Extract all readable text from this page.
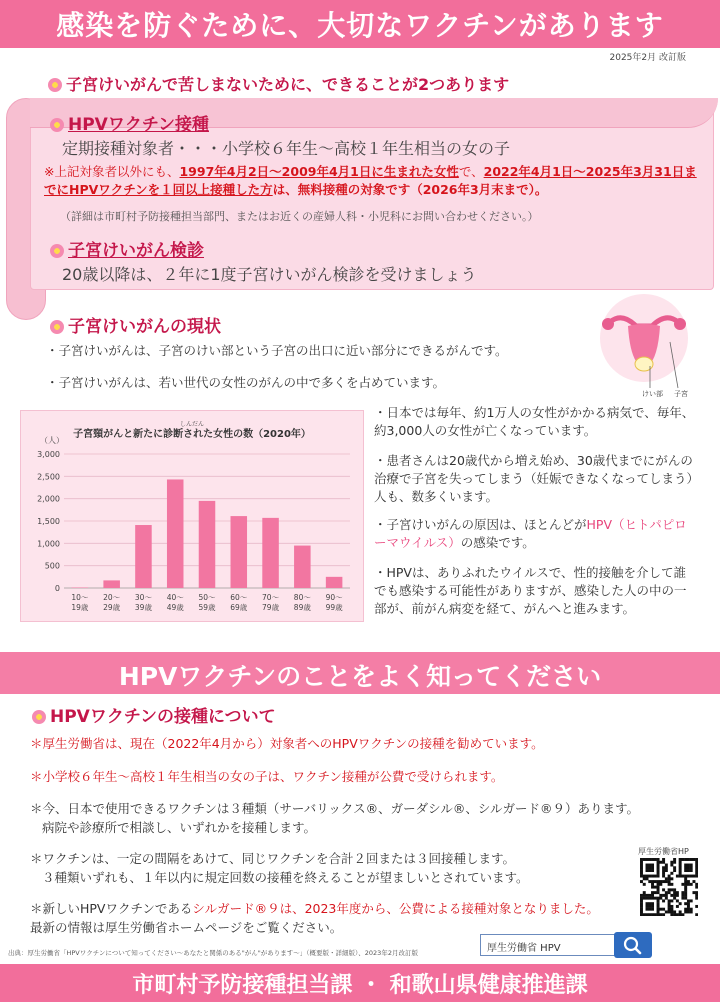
感染を防ぐために、大切なワクチンがあります
2025年2月 改訂版
子宮けいがんで苦しまないために、できることが2つあります
HPVワクチン接種
定期接種対象者・・・小学校６年生～高校１年生相当の女の子
※上記対象者以外にも、1997年4月2日～2009年4月1日に生まれた女性で、2022年4月1日～2025年3月31日までにHPVワクチンを１回以上接種した方は、無料接種の対象です（2026年3月末まで）。
（詳細は市町村予防接種担当部門、またはお近くの産婦人科・小児科にお問い合わせください。）
子宮けいがん検診
20歳以降は、２年に1度子宮けいがん検診を受けましょう
子宮けいがんの現状
・子宮けいがんは、子宮のけい部という子宮の出口に近い部分にできるがんです。
・子宮けいがんは、若い世代の女性のがんの中で多くを占めています。
けい部 子宮
しんだん
子宮頸がんと新たに診断された女性の数（2020年）
（人）
0
500
1,000
1,500
2,000
2,500
3,000
10～
19歳
20～
29歳
30～
39歳
40～
49歳
50～
59歳
60～
69歳
70～
79歳
80～
89歳
90～
99歳
・日本では毎年、約1万人の女性がかかる病気で、毎年、約3,000人の女性が亡くなっています。
・患者さんは20歳代から増え始め、30歳代までにがんの治療で子宮を失ってしまう（妊娠できなくなってしまう）人も、数多くいます。
・子宮けいがんの原因は、ほとんどがHPV（ヒトパピローマウイルス）の感染です。
・HPVは、ありふれたウイルスで、性的接触を介して誰でも感染する可能性がありますが、感染した人の中の一部が、前がん病変を経て、がんへと進みます。
HPVワクチンのことをよく知ってください
HPVワクチンの接種について
＊厚生労働省は、現在（2022年4月から）対象者へのHPVワクチンの接種を勧めています。
＊小学校６年生～高校１年生相当の女の子は、ワクチン接種が公費で受けられます。
＊今、日本で使用できるワクチンは３種類（サーバリックス®、ガーダシル®、シルガード®９）あります。
病院や診療所で相談し、いずれかを接種します。
＊ワクチンは、一定の間隔をあけて、同じワクチンを合計２回または３回接種します。
３種類いずれも、１年以内に規定回数の接種を終えることが望ましいとされています。
＊新しいHPVワクチンであるシルガード®９は、2023年度から、公費による接種対象となりました。最新の情報は厚生労働省ホームページをご覧ください。
厚生労働省HP
出典：厚生労働省「HPVワクチンについて知ってください～あなたと関係のある"がん"があります～」（概要版・詳細版）、2023年2月改訂版	厚生労働省 HPV
市町村予防接種担当課 ・ 和歌山県健康推進課
